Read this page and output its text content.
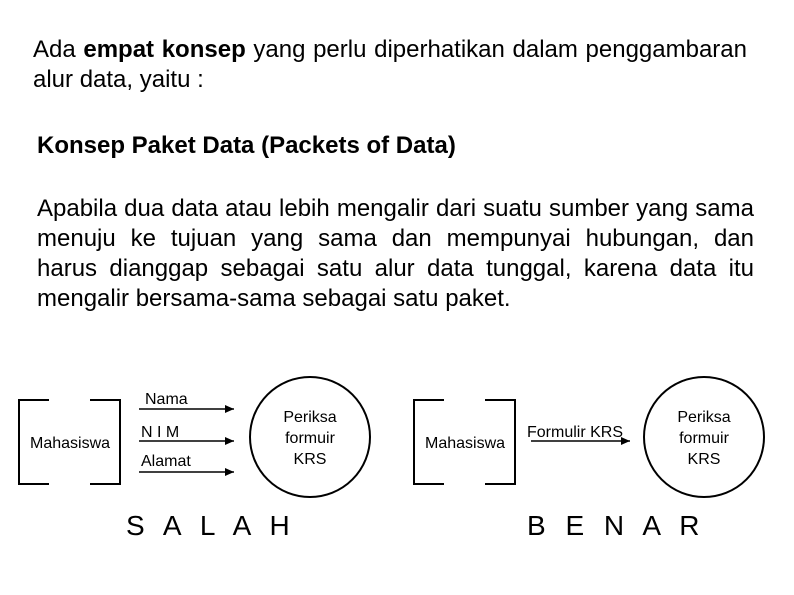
Ada empat konsep yang perlu diperhatikan dalam penggambaran alur data, yaitu :
Konsep Paket Data (Packets of Data)
Apabila dua data atau lebih mengalir dari suatu sumber yang sama menuju ke tujuan yang sama dan mempunyai hubungan, dan harus dianggap sebagai satu alur data tunggal, karena data itu mengalir bersama-sama sebagai satu paket.
Mahasiswa
Nama
N I M
Alamat
Periksa
formuir
KRS
S A L A H
Mahasiswa
Formulir KRS
Periksa
formuir
KRS
B E N A R
